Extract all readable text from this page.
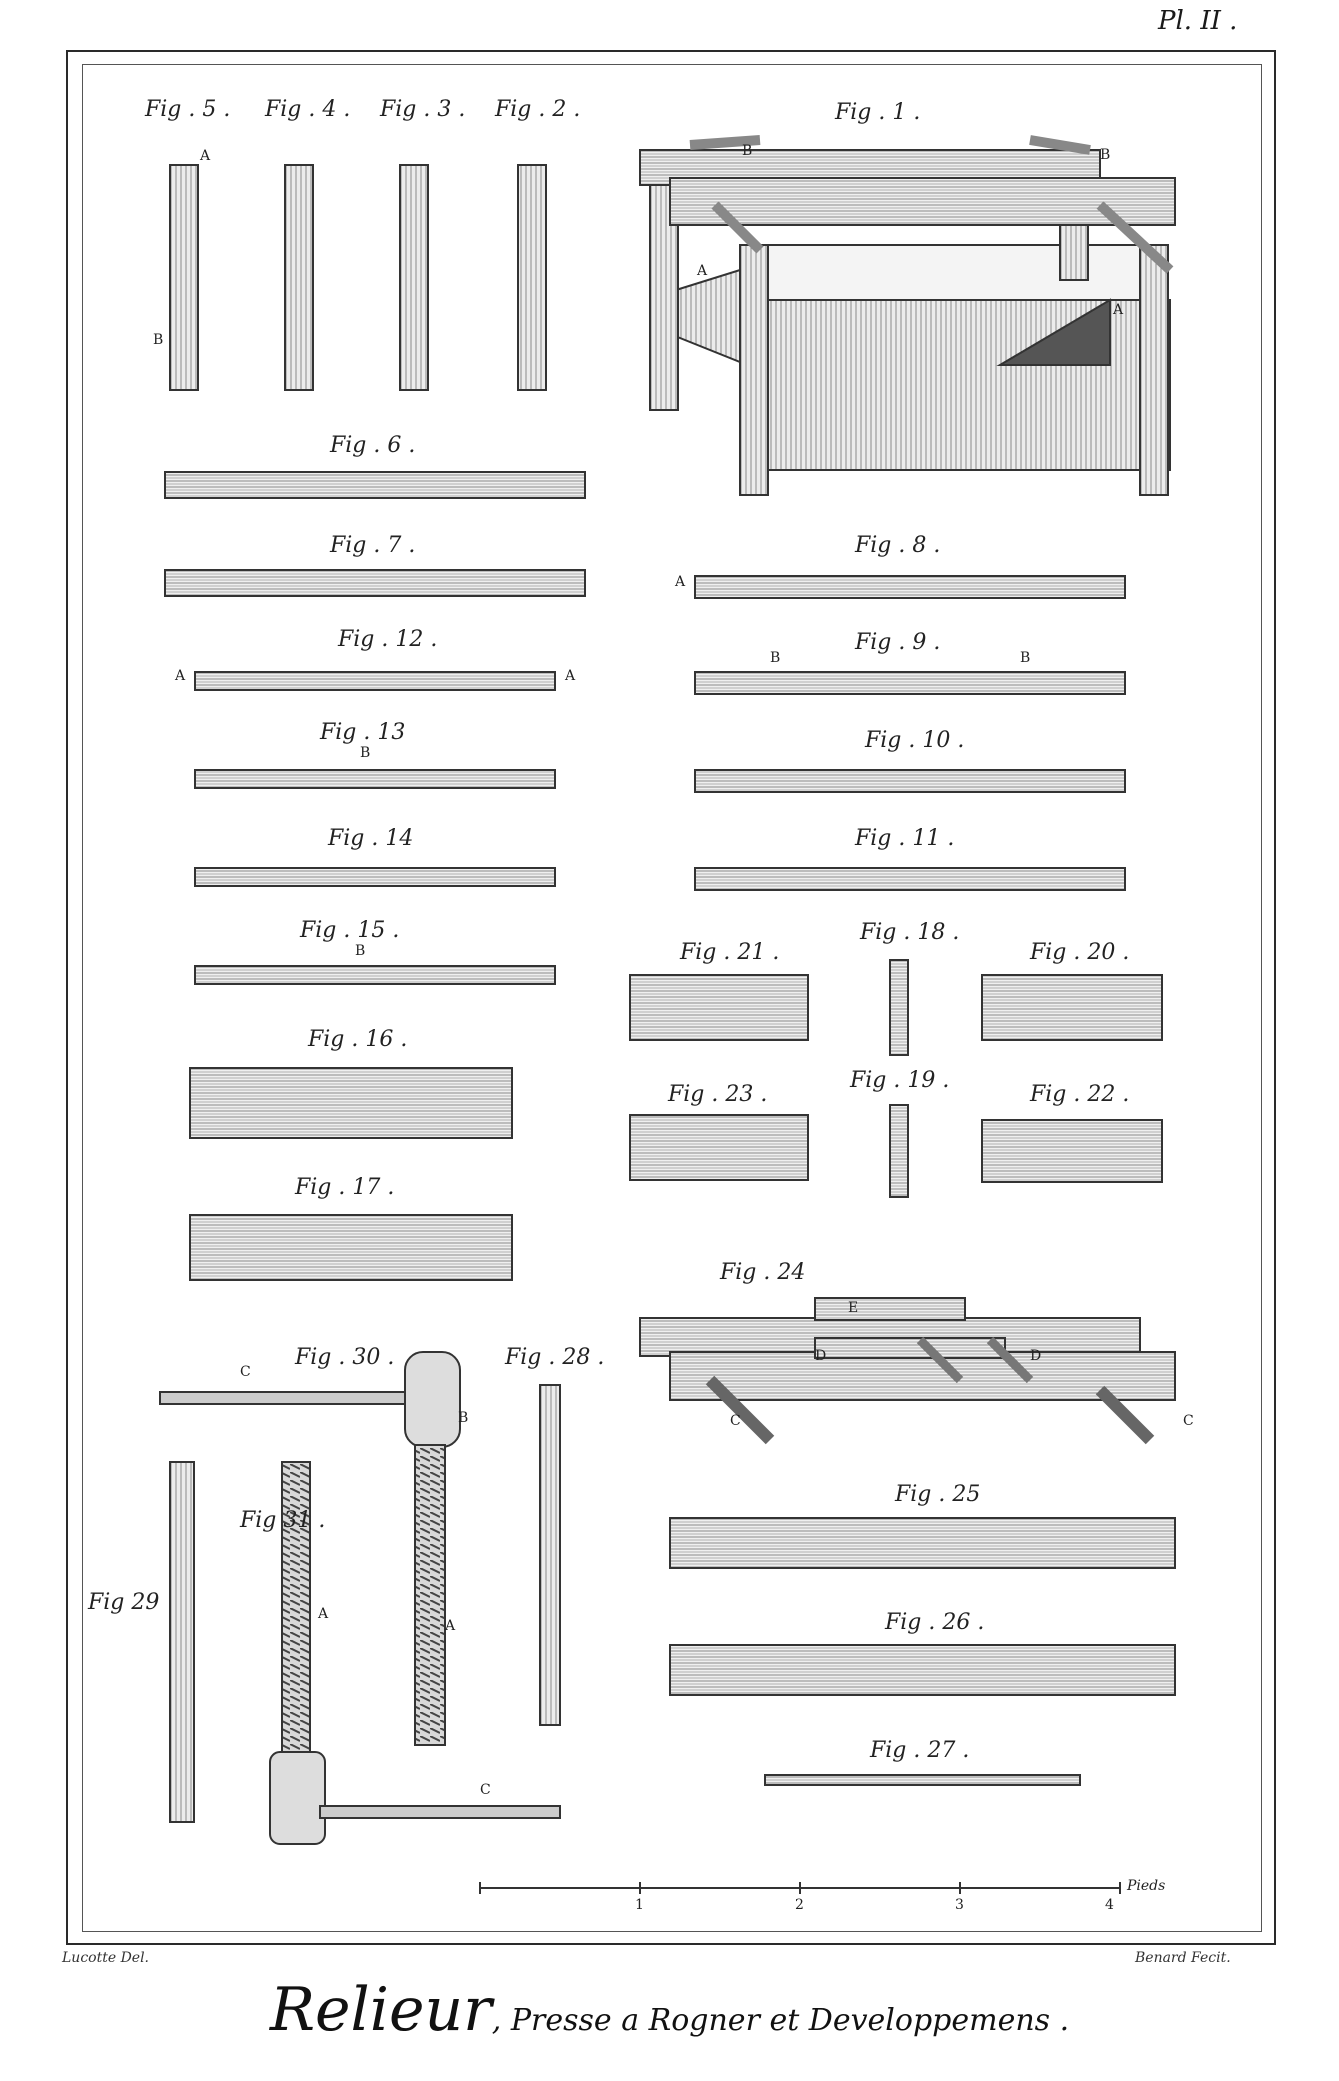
Pl. II .
Fig . 5 . Fig . 4 . Fig . 3 . Fig . 2 .	Fig . 1 .
Fig . 6 .
Fig . 7 .	Fig . 8 .
Fig . 12 .	Fig . 9 .
Fig . 13	Fig . 10 .
Fig . 14	Fig . 11 .
Fig . 15 .
Fig . 21 .
Fig . 18 .
Fig . 20 .
Fig . 16 .
Fig . 23 .
Fig . 19 .
Fig . 22 .
Fig . 17 .
Fig . 24
Fig . 30 .	Fig . 28 .
Fig 31 .
Fig 29
Fig . 25
Fig . 26 .
Fig . 27 .
A
B
B	B
A
A
A
A	A
B	B
B
B
E
D	D
C
C
C	C
A
A
B
1	2	3	4
Pieds
Lucotte Del.	Benard Fecit.
Relieur, Presse a Rogner et Developpemens .
